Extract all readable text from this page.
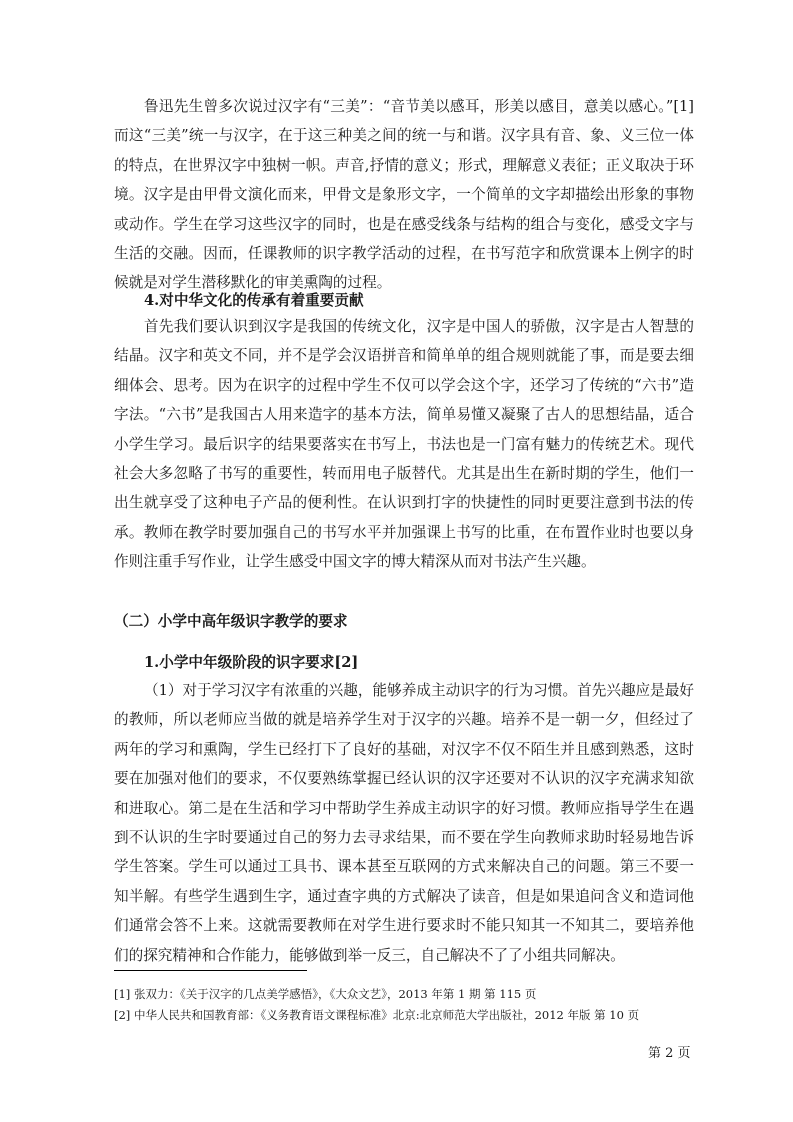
鲁迅先生曾多次说过汉字有“三美”：“音节美以感耳，形美以感目，意美以感心。”[1]而这“三美”统一与汉字，在于这三种美之间的统一与和谐。汉字具有音、象、义三位一体的特点，在世界汉字中独树一帜。声音,抒情的意义；形式，理解意义表征；正义取决于环境。汉字是由甲骨文演化而来，甲骨文是象形文字，一个简单的文字却描绘出形象的事物或动作。学生在学习这些汉字的同时，也是在感受线条与结构的组合与变化，感受文字与生活的交融。因而，任课教师的识字教学活动的过程，在书写范字和欣赏课本上例字的时候就是对学生潜移默化的审美熏陶的过程。

4.对中华文化的传承有着重要贡献

首先我们要认识到汉字是我国的传统文化，汉字是中国人的骄傲，汉字是古人智慧的结晶。汉字和英文不同，并不是学会汉语拼音和简单单的组合规则就能了事，而是要去细细体会、思考。因为在识字的过程中学生不仅可以学会这个字，还学习了传统的“六书”造字法。“六书”是我国古人用来造字的基本方法，简单易懂又凝聚了古人的思想结晶，适合小学生学习。最后识字的结果要落实在书写上，书法也是一门富有魅力的传统艺术。现代社会大多忽略了书写的重要性，转而用电子版替代。尤其是出生在新时期的学生，他们一出生就享受了这种电子产品的便利性。在认识到打字的快捷性的同时更要注意到书法的传承。教师在教学时要加强自己的书写水平并加强课上书写的比重，在布置作业时也要以身作则注重手写作业，让学生感受中国文字的博大精深从而对书法产生兴趣。

（二）小学中高年级识字教学的要求

1.小学中年级阶段的识字要求[2]

（1）对于学习汉字有浓重的兴趣，能够养成主动识字的行为习惯。首先兴趣应是最好的教师，所以老师应当做的就是培养学生对于汉字的兴趣。培养不是一朝一夕，但经过了两年的学习和熏陶，学生已经打下了良好的基础，对汉字不仅不陌生并且感到熟悉，这时要在加强对他们的要求，不仅要熟练掌握已经认识的汉字还要对不认识的汉字充满求知欲和进取心。第二是在生活和学习中帮助学生养成主动识字的好习惯。教师应指导学生在遇到不认识的生字时要通过自己的努力去寻求结果，而不要在学生向教师求助时轻易地告诉学生答案。学生可以通过工具书、课本甚至互联网的方式来解决自己的问题。第三不要一知半解。有些学生遇到生字，通过查字典的方式解决了读音，但是如果追问含义和造词他们通常会答不上来。这就需要教师在对学生进行要求时不能只知其一不知其二，要培养他们的探究精神和合作能力，能够做到举一反三，自己解决不了了小组共同解决。

[1] 张双力：《关于汉字的几点美学感悟》，《大众文艺》，2013 年第 1 期 第 115 页

[2] 中华人民共和国教育部：《义务教育语文课程标准》北京:北京师范大学出版社，2012 年版 第 10 页

第 2 页
